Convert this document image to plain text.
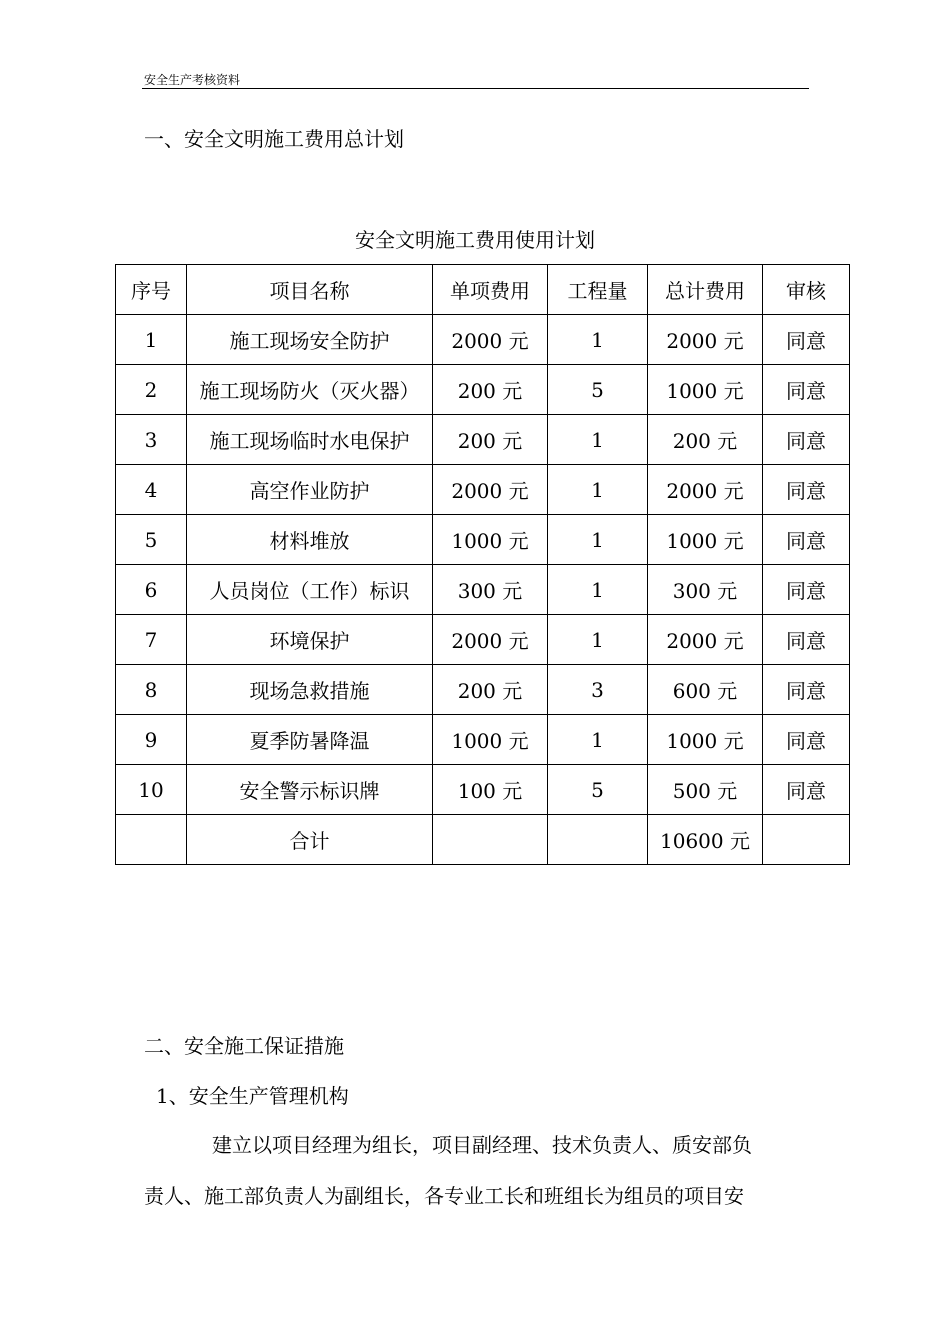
安全生产考核资料
一、安全文明施工费用总计划
安全文明施工费用使用计划
序号	项目名称	单项费用	工程量	总计费用	审核
1	施工现场安全防护	2000 元	1	2000 元	同意
2	施工现场防火（灭火器）	200 元	5	1000 元	同意
3	施工现场临时水电保护	200 元	1	200 元	同意
4	高空作业防护	2000 元	1	2000 元	同意
5	材料堆放	1000 元	1	1000 元	同意
6	人员岗位（工作）标识	300 元	1	300 元	同意
7	环境保护	2000 元	1	2000 元	同意
8	现场急救措施	200 元	3	600 元	同意
9	夏季防暑降温	1000 元	1	1000 元	同意
10	安全警示标识牌	100 元	5	500 元	同意
	合计			10600 元	
二、安全施工保证措施
1、安全生产管理机构
建立以项目经理为组长，项目副经理、技术负责人、质安部负
责人、施工部负责人为副组长，各专业工长和班组长为组员的项目安
